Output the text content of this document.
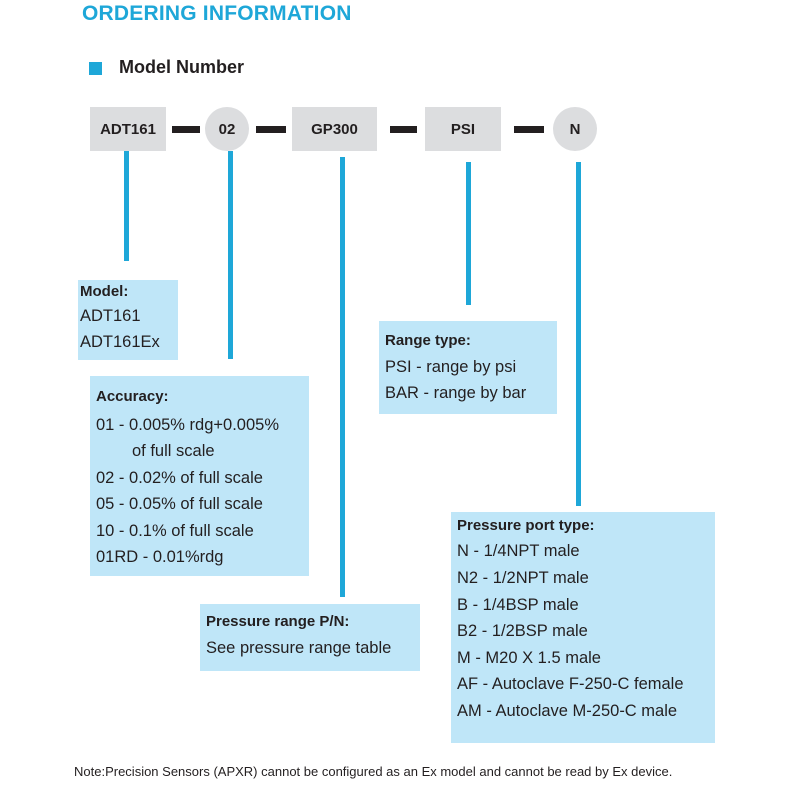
ORDERING INFORMATION
Model Number
ADT161	02	GP300	PSI	N
Model:
ADT161
ADT161Ex
Accuracy:
01 - 0.005% rdg+0.005%
of full scale
02 - 0.02% of full scale
05 - 0.05% of full scale
10 - 0.1% of full scale
01RD - 0.01%rdg
Pressure range P/N:
See pressure range table
Range type:
PSI - range by psi
BAR - range by bar
Pressure port type:
N - 1/4NPT male
N2 - 1/2NPT male
B - 1/4BSP male
B2 - 1/2BSP male
M - M20 X 1.5 male
AF - Autoclave F-250-C female
AM - Autoclave M-250-C male
Note:Precision Sensors (APXR) cannot be configured as an Ex model and cannot be read by Ex device.
